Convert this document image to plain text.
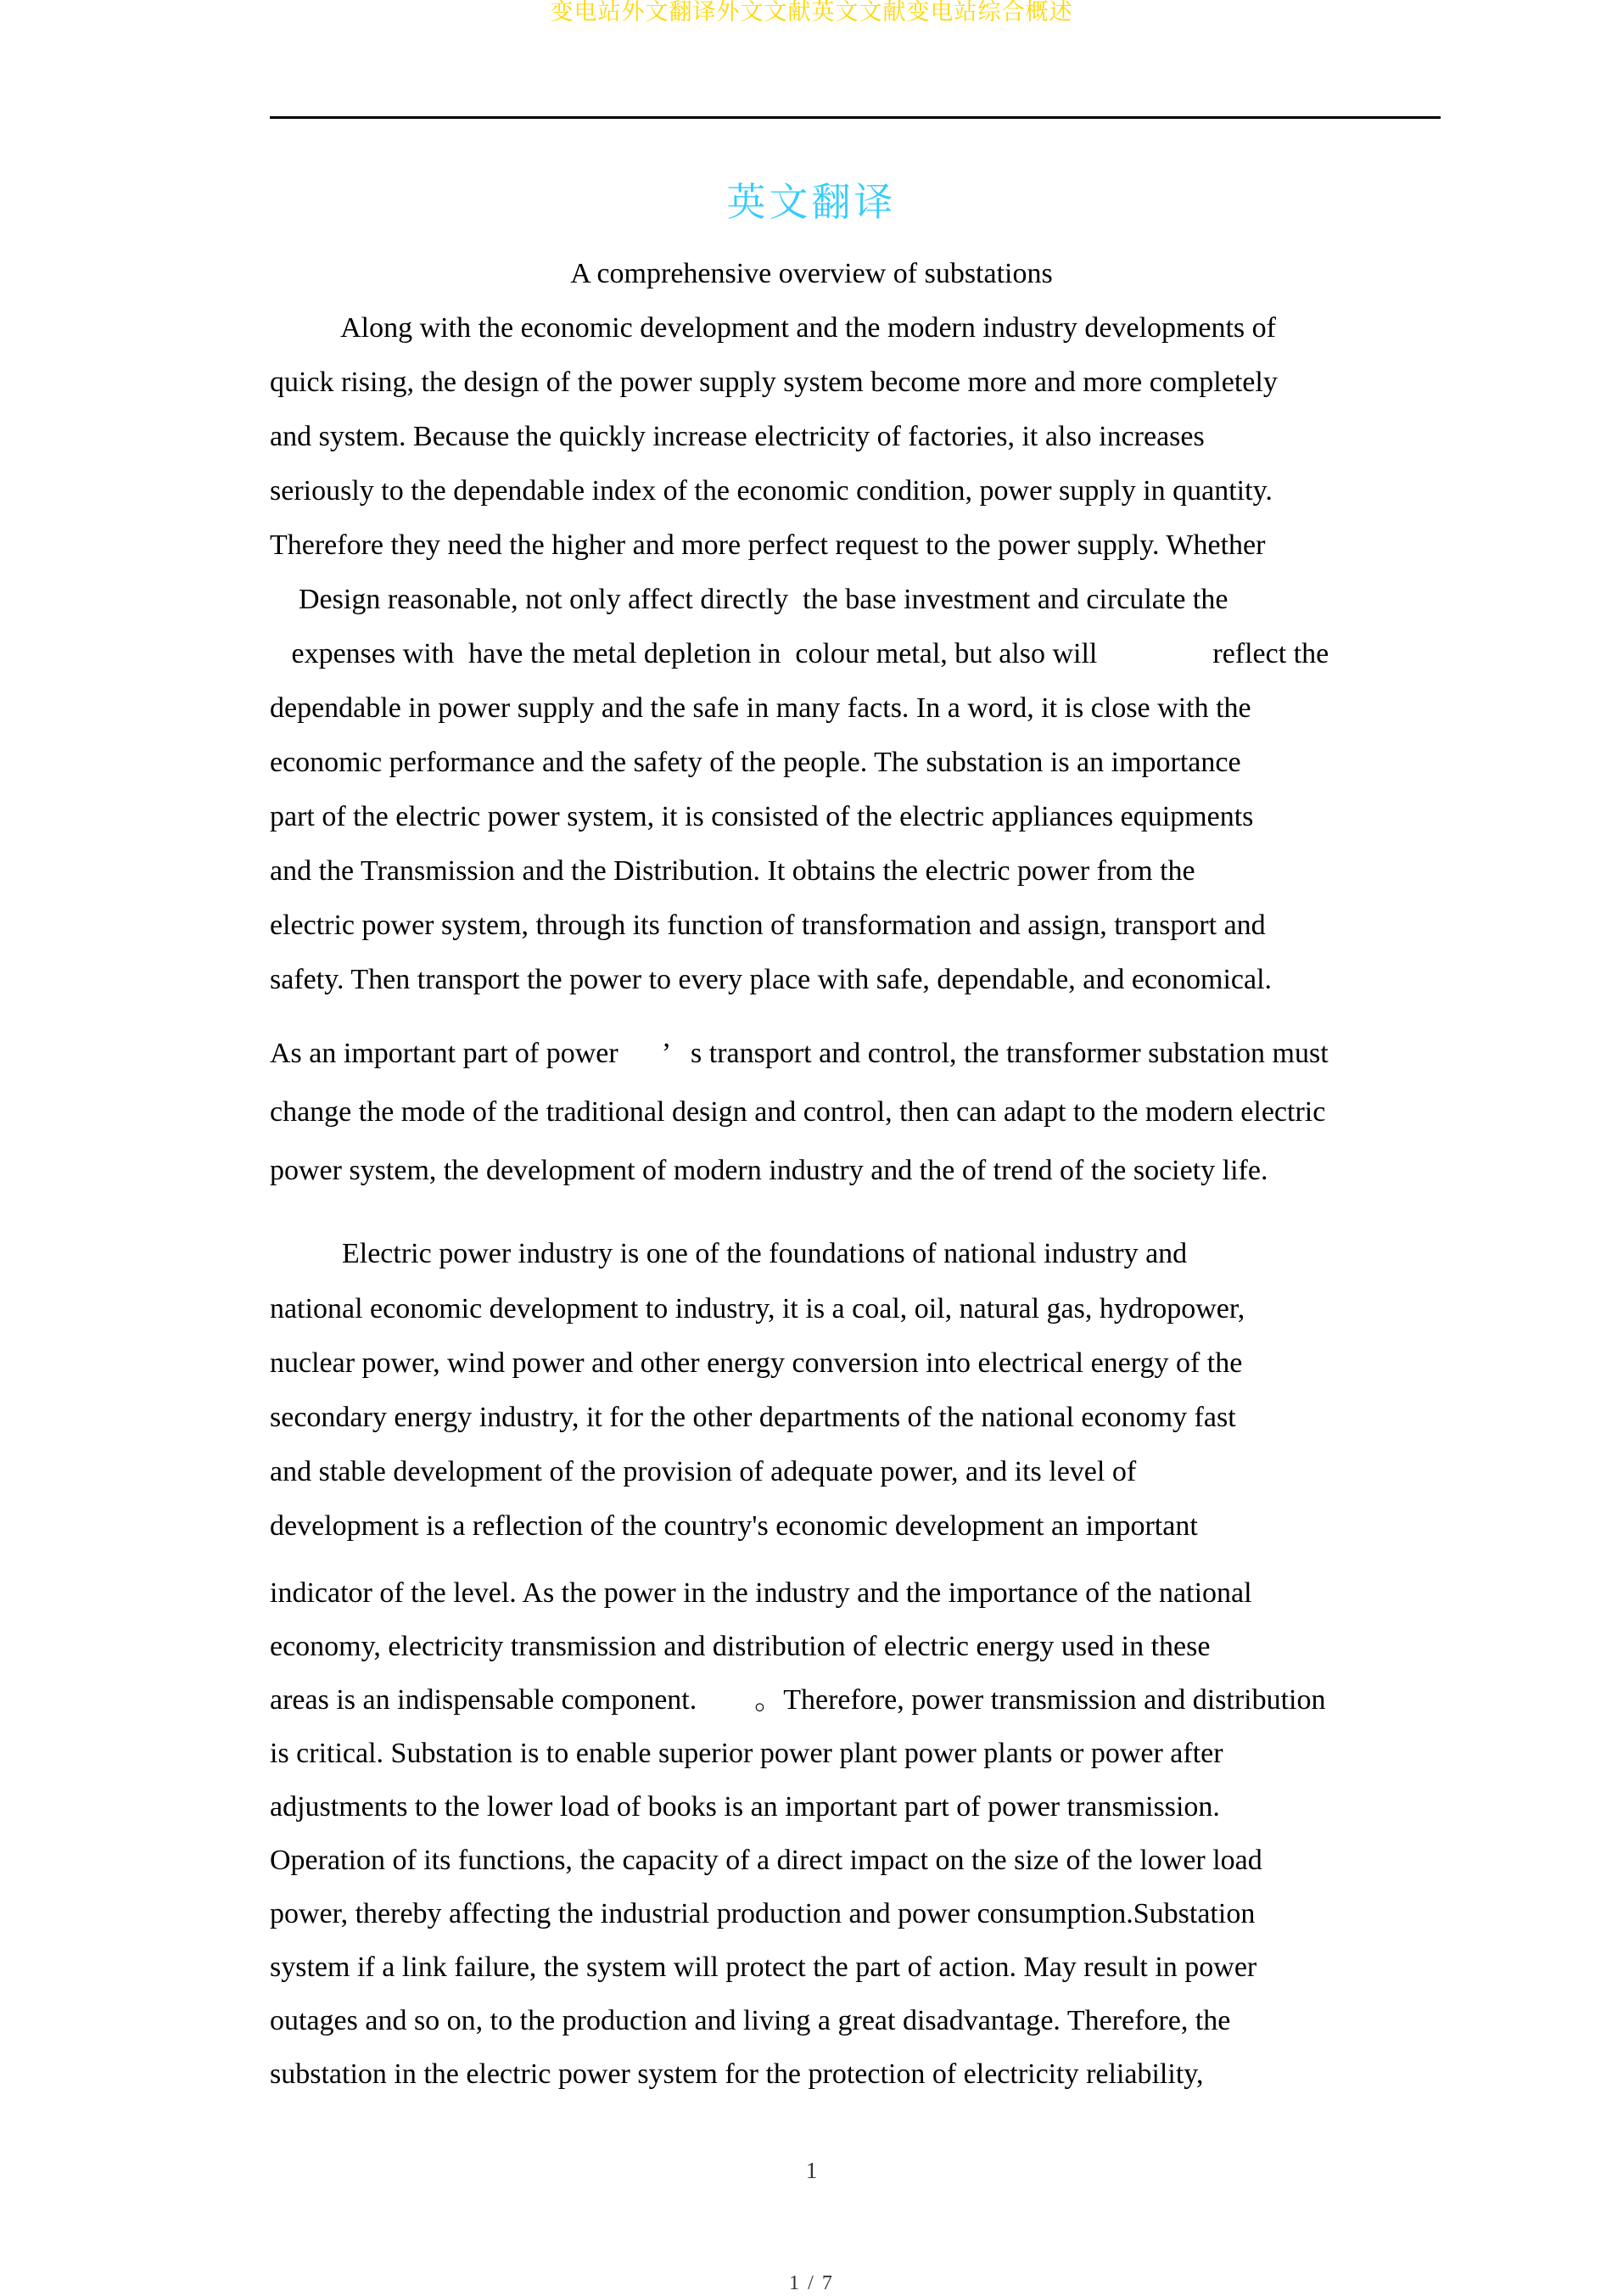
变电站外文翻译外文文献英文文献变电站综合概述
英文翻译
A comprehensive overview of substations
Along with the economic development and the modern industry developments of
quick rising, the design of the power supply system become more and more completely
and system. Because the quickly increase electricity of factories, it also increases
seriously to the dependable index of the economic condition, power supply in quantity.
Therefore they need the higher and more perfect request to the power supply. Whether
Design reasonable, not only affect directly  the base investment and circulate the
expenses with  have the metal depletion in  colour metal, but also will                reflect the
dependable in power supply and the safe in many facts. In a word, it is close with the
economic performance and the safety of the people. The substation is an importance
part of the electric power system, it is consisted of the electric appliances equipments
and the Transmission and the Distribution. It obtains the electric power from the
electric power system, through its function of transformation and assign, transport and
safety. Then transport the power to every place with safe, dependable, and economical.
As an important part of power      ’   s transport and control, the transformer substation must
change the mode of the traditional design and control, then can adapt to the modern electric
power system, the development of modern industry and the of trend of the society life.
Electric power industry is one of the foundations of national industry and
national economic development to industry, it is a coal, oil, natural gas, hydropower,
nuclear power, wind power and other energy conversion into electrical energy of the
secondary energy industry, it for the other departments of the national economy fast
and stable development of the provision of adequate power, and its level of
development is a reflection of the country's economic development an important
indicator of the level. As the power in the industry and the importance of the national
economy, electricity transmission and distribution of electric energy used in these
areas is an indispensable component.        。Therefore, power transmission and distribution
is critical. Substation is to enable superior power plant power plants or power after
adjustments to the lower load of books is an important part of power transmission.
Operation of its functions, the capacity of a direct impact on the size of the lower load
power, thereby affecting the industrial production and power consumption.Substation
system if a link failure, the system will protect the part of action. May result in power
outages and so on, to the production and living a great disadvantage. Therefore, the
substation in the electric power system for the protection of electricity reliability,
1
1 / 7
